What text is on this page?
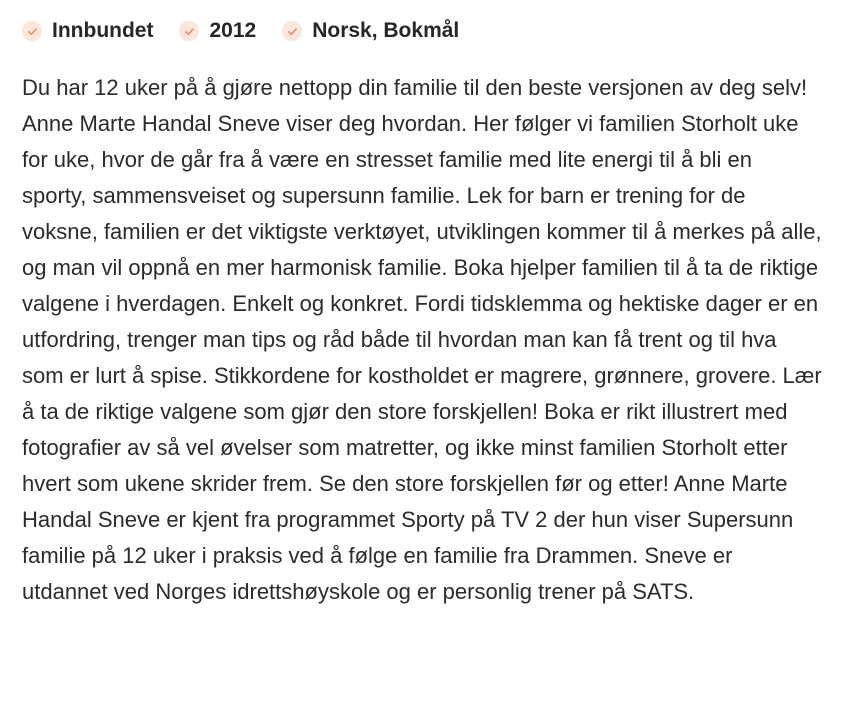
Innbundet	2012	Norsk, Bokmål

Du har 12 uker på å gjøre nettopp din familie til den beste versjonen av deg selv! Anne Marte Handal Sneve viser deg hvordan. Her følger vi familien Storholt uke for uke, hvor de går fra å være en stresset familie med lite energi til å bli en sporty, sammensveiset og supersunn familie. Lek for barn er trening for de voksne, familien er det viktigste verktøyet, utviklingen kommer til å merkes på alle, og man vil oppnå en mer harmonisk familie. Boka hjelper familien til å ta de riktige valgene i hverdagen. Enkelt og konkret. Fordi tidsklemma og hektiske dager er en utfordring, trenger man tips og råd både til hvordan man kan få trent og til hva som er lurt å spise. Stikkordene for kostholdet er magrere, grønnere, grovere. Lær å ta de riktige valgene som gjør den store forskjellen! Boka er rikt illustrert med fotografier av så vel øvelser som matretter, og ikke minst familien Storholt etter hvert som ukene skrider frem. Se den store forskjellen før og etter! Anne Marte Handal Sneve er kjent fra programmet Sporty på TV 2 der hun viser Supersunn familie på 12 uker i praksis ved å følge en familie fra Drammen. Sneve er utdannet ved Norges idrettshøyskole og er personlig trener på SATS.
